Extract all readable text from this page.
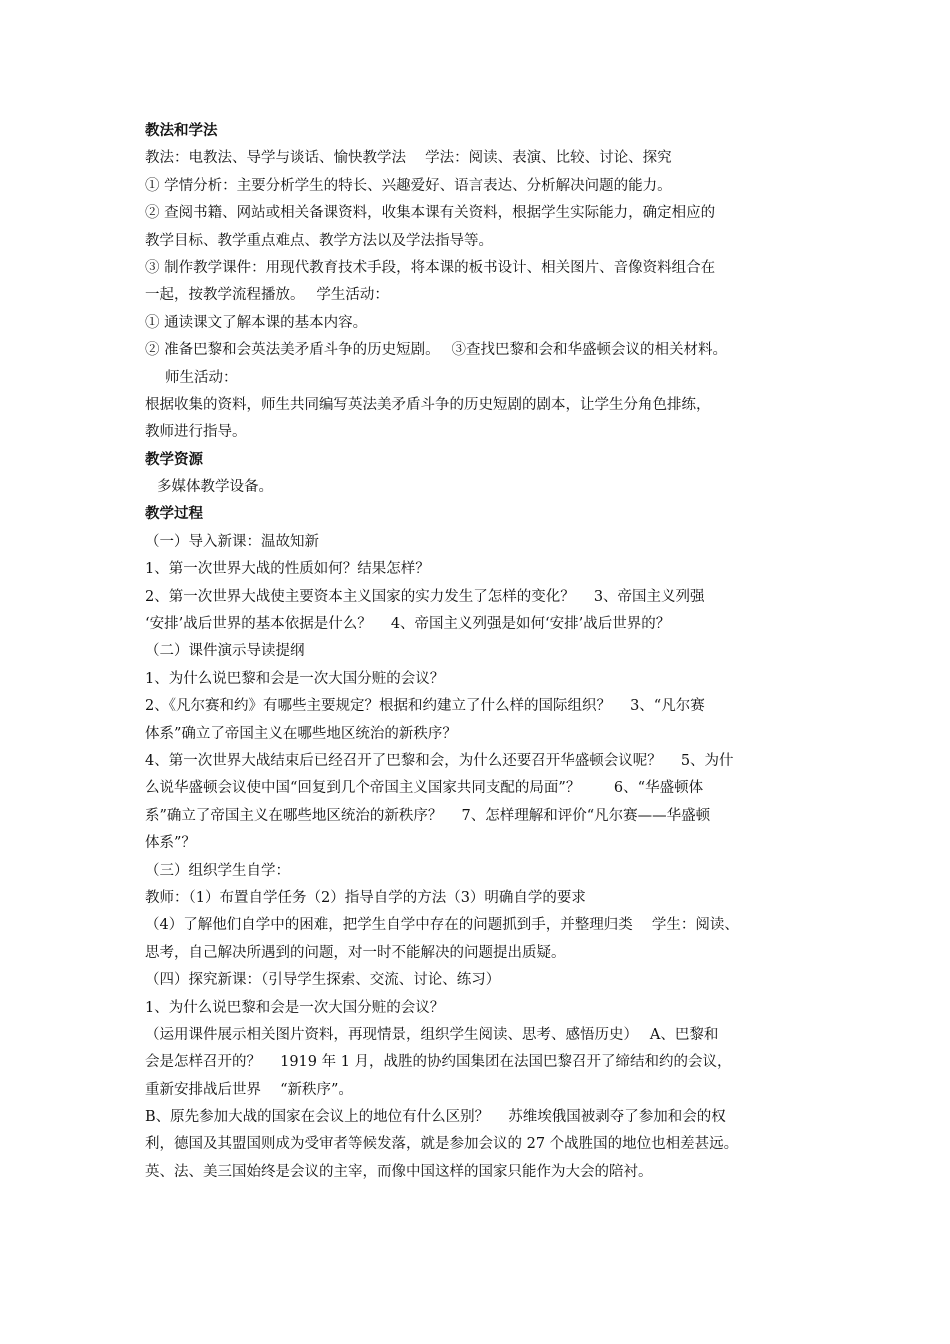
教法和学法
教法：电教法、导学与谈话、愉快教学法　 学法：阅读、表演、比较、讨论、探究
① 学情分析：主要分析学生的特长、兴趣爱好、语言表达、分析解决问题的能力。
② 查阅书籍、网站或相关备课资料，收集本课有关资料，根据学生实际能力，确定相应的
教学目标、教学重点难点、教学方法以及学法指导等。
③ 制作教学课件：用现代教育技术手段，将本课的板书设计、相关图片、音像资料组合在
一起，按教学流程播放。　 学生活动：
① 通读课文了解本课的基本内容。
② 准备巴黎和会英法美矛盾斗争的历史短剧。　 ③查找巴黎和会和华盛顿会议的相关材料。
师生活动：
根据收集的资料，师生共同编写英法美矛盾斗争的历史短剧的剧本，让学生分角色排练，
教师进行指导。
教学资源
多媒体教学设备。
教学过程
（一）导入新课：温故知新
1、第一次世界大战的性质如何？结果怎样？
2、第一次世界大战使主要资本主义国家的实力发生了怎样的变化？　 3、帝国主义列强
‘安排’战后世界的基本依据是什么？　 4、帝国主义列强是如何‘安排’战后世界的？
（二）课件演示导读提纲
1、为什么说巴黎和会是一次大国分赃的会议？
2、《凡尔赛和约》有哪些主要规定？根据和约建立了什么样的国际组织？　 3、“凡尔赛
体系”确立了帝国主义在哪些地区统治的新秩序？
4、第一次世界大战结束后已经召开了巴黎和会，为什么还要召开华盛顿会议呢？　 5、为什
么说华盛顿会议使中国“回复到几个帝国主义国家共同支配的局面”？　　 6、“华盛顿体
系”确立了帝国主义在哪些地区统治的新秩序？　 7、怎样理解和评价“凡尔赛——华盛顿
体系”？
（三）组织学生自学：
教师：（1）布置自学任务（2）指导自学的方法（3）明确自学的要求
（4）了解他们自学中的困难，把学生自学中存在的问题抓到手，并整理归类　 学生：阅读、
思考，自己解决所遇到的问题，对一时不能解决的问题提出质疑。
（四）探究新课：（引导学生探索、交流、讨论、练习）
1、为什么说巴黎和会是一次大国分赃的会议？
（运用课件展示相关图片资料，再现情景，组织学生阅读、思考、感悟历史）　 A、巴黎和
会是怎样召开的？　 1919 年 1 月，战胜的协约国集团在法国巴黎召开了缔结和约的会议，
重新安排战后世界　 “新秩序”。
B、原先参加大战的国家在会议上的地位有什么区别？　 苏维埃俄国被剥夺了参加和会的权
利，德国及其盟国则成为受审者等候发落，就是参加会议的 27 个战胜国的地位也相差甚远。
英、法、美三国始终是会议的主宰，而像中国这样的国家只能作为大会的陪衬。
